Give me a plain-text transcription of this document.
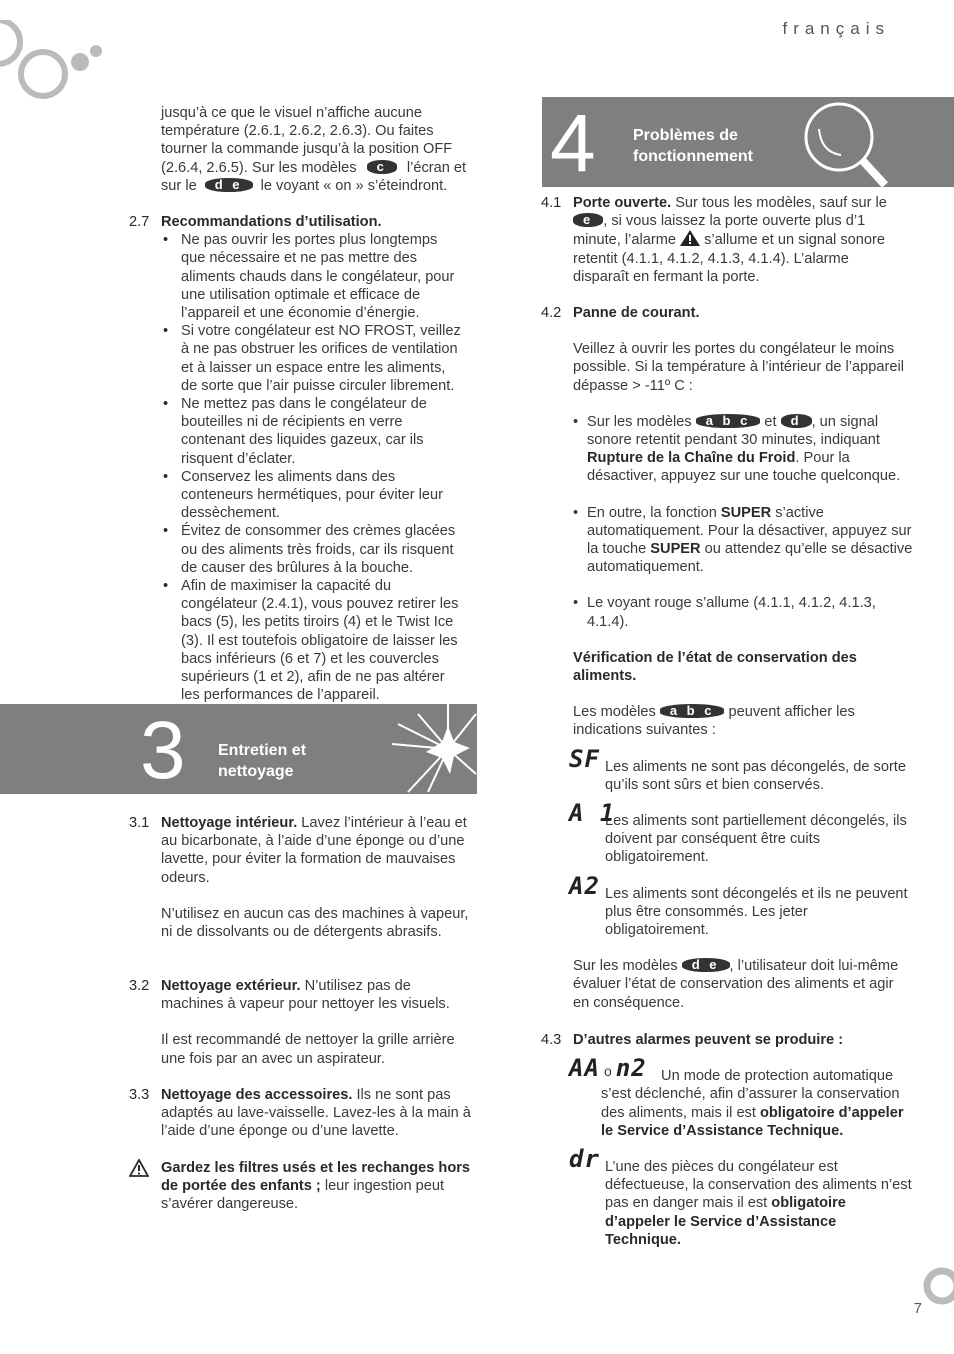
français
7

jusqu’à ce que le visuel n’affiche aucune

température (2.6.1, 2.6.2, 2.6.3). Ou faites

tourner la commande jusqu’à la position OFF

(2.6.4, 2.6.5). Sur les modèles c l’écran et

sur le d e le voyant « on » s’éteindront.

2.7 Recommandations d’utilisation.

• Ne pas ouvrir les portes plus longtemps que nécessaire et ne pas mettre des aliments chauds dans le congélateur, pour une utilisation optimale et efficace de l’appareil et une économie d’énergie.
• Si votre congélateur est NO FROST, veillez à ne pas obstruer les orifices de ventilation et à laisser un espace entre les aliments, de sorte que l’air puisse circuler librement.
• Ne mettez pas dans le congélateur de bouteilles ni de récipients en verre contenant des liquides gazeux, car ils risquent d’éclater.
• Conservez les aliments dans des conteneurs hermétiques, pour éviter leur dessèchement.
• Évitez de consommer des crèmes glacées ou des aliments très froids, car ils risquent de causer des brûlures à la bouche.
• Afin de maximiser la capacité du congélateur (2.4.1), vous pouvez retirer les bacs (5), les petits tiroirs (4) et le Twist Ice (3). Il est toutefois obligatoire de laisser les bacs inférieurs (6 et 7) et les couvercles supérieurs (1 et 2), afin de ne pas altérer les performances de l’appareil.
3 Entretien et
nettoyage
3.1 Nettoyage intérieur. Lavez l’intérieur à l’eau et au bicarbonate, à l’aide d’une éponge ou d’une lavette, pour éviter la formation de mauvaises odeurs.

N’utilisez en aucun cas des machines à vapeur, ni de dissolvants ou de détergents abrasifs.

3.2 Nettoyage extérieur. N’utilisez pas de machines à vapeur pour nettoyer les visuels.

Il est recommandé de nettoyer la grille arrière une fois par an avec un aspirateur.

3.3 Nettoyage des accessoires. Ils ne sont pas adaptés au lave-vaisselle. Lavez-les à la main à l’aide d’une éponge ou d’une lavette.

Gardez les filtres usés et les rechanges hors de portée des enfants ; leur ingestion peut s’avérer dangereuse.

4 Problèmes de
fonctionnement
4.1 Porte ouverte. Sur tous les modèles, sauf sur le
e , si vous laissez la porte ouverte plus d’1 minute, l’alarme s’allume et un signal sonore retentit (4.1.1, 4.1.2, 4.1.3, 4.1.4). L’alarme disparaît en fermant la porte.

4.2 Panne de courant.

Veillez à ouvrir les portes du congélateur le moins possible. Si la température à l’intérieur de l’appareil dépasse > -11º C :

• Sur les modèles a b c et d , un signal sonore retentit pendant 30 minutes, indiquant Rupture de la Chaîne du Froid. Pour la désactiver, appuyez sur une touche quelconque.
• En outre, la fonction SUPER s’active automatiquement. Pour la désactiver, appuyez sur la touche SUPER ou attendez qu’elle se désactive automatiquement.
• Le voyant rouge s’allume (4.1.1, 4.1.2, 4.1.3, 4.1.4).

Vérification de l’état de conservation des aliments.

Les modèles a b c peuvent afficher les indications suivantes :

SF Les aliments ne sont pas décongelés, de sorte qu’ils sont sûrs et bien conservés.
A 1
Les aliments sont partiellement décongelés, ils doivent par conséquent être cuits obligatoirement.
A2 Les aliments sont décongelés et ils ne peuvent plus être consommés. Les jeter obligatoirement.

Sur les modèles d e , l’utilisateur doit lui-même évaluer l’état de conservation des aliments et agir en conséquence.

4.3 D’autres alarmes peuvent se produire :

AA o n2 Un mode de protection automatique s’est déclenché, afin d’assurer la conservation des aliments, mais il est obligatoire d’appeler le Service d’Assistance Technique.
dr L’une des pièces du congélateur est défectueuse, la conservation des aliments n’est pas en danger mais il est obligatoire d’appeler le Service d’Assistance Technique.
